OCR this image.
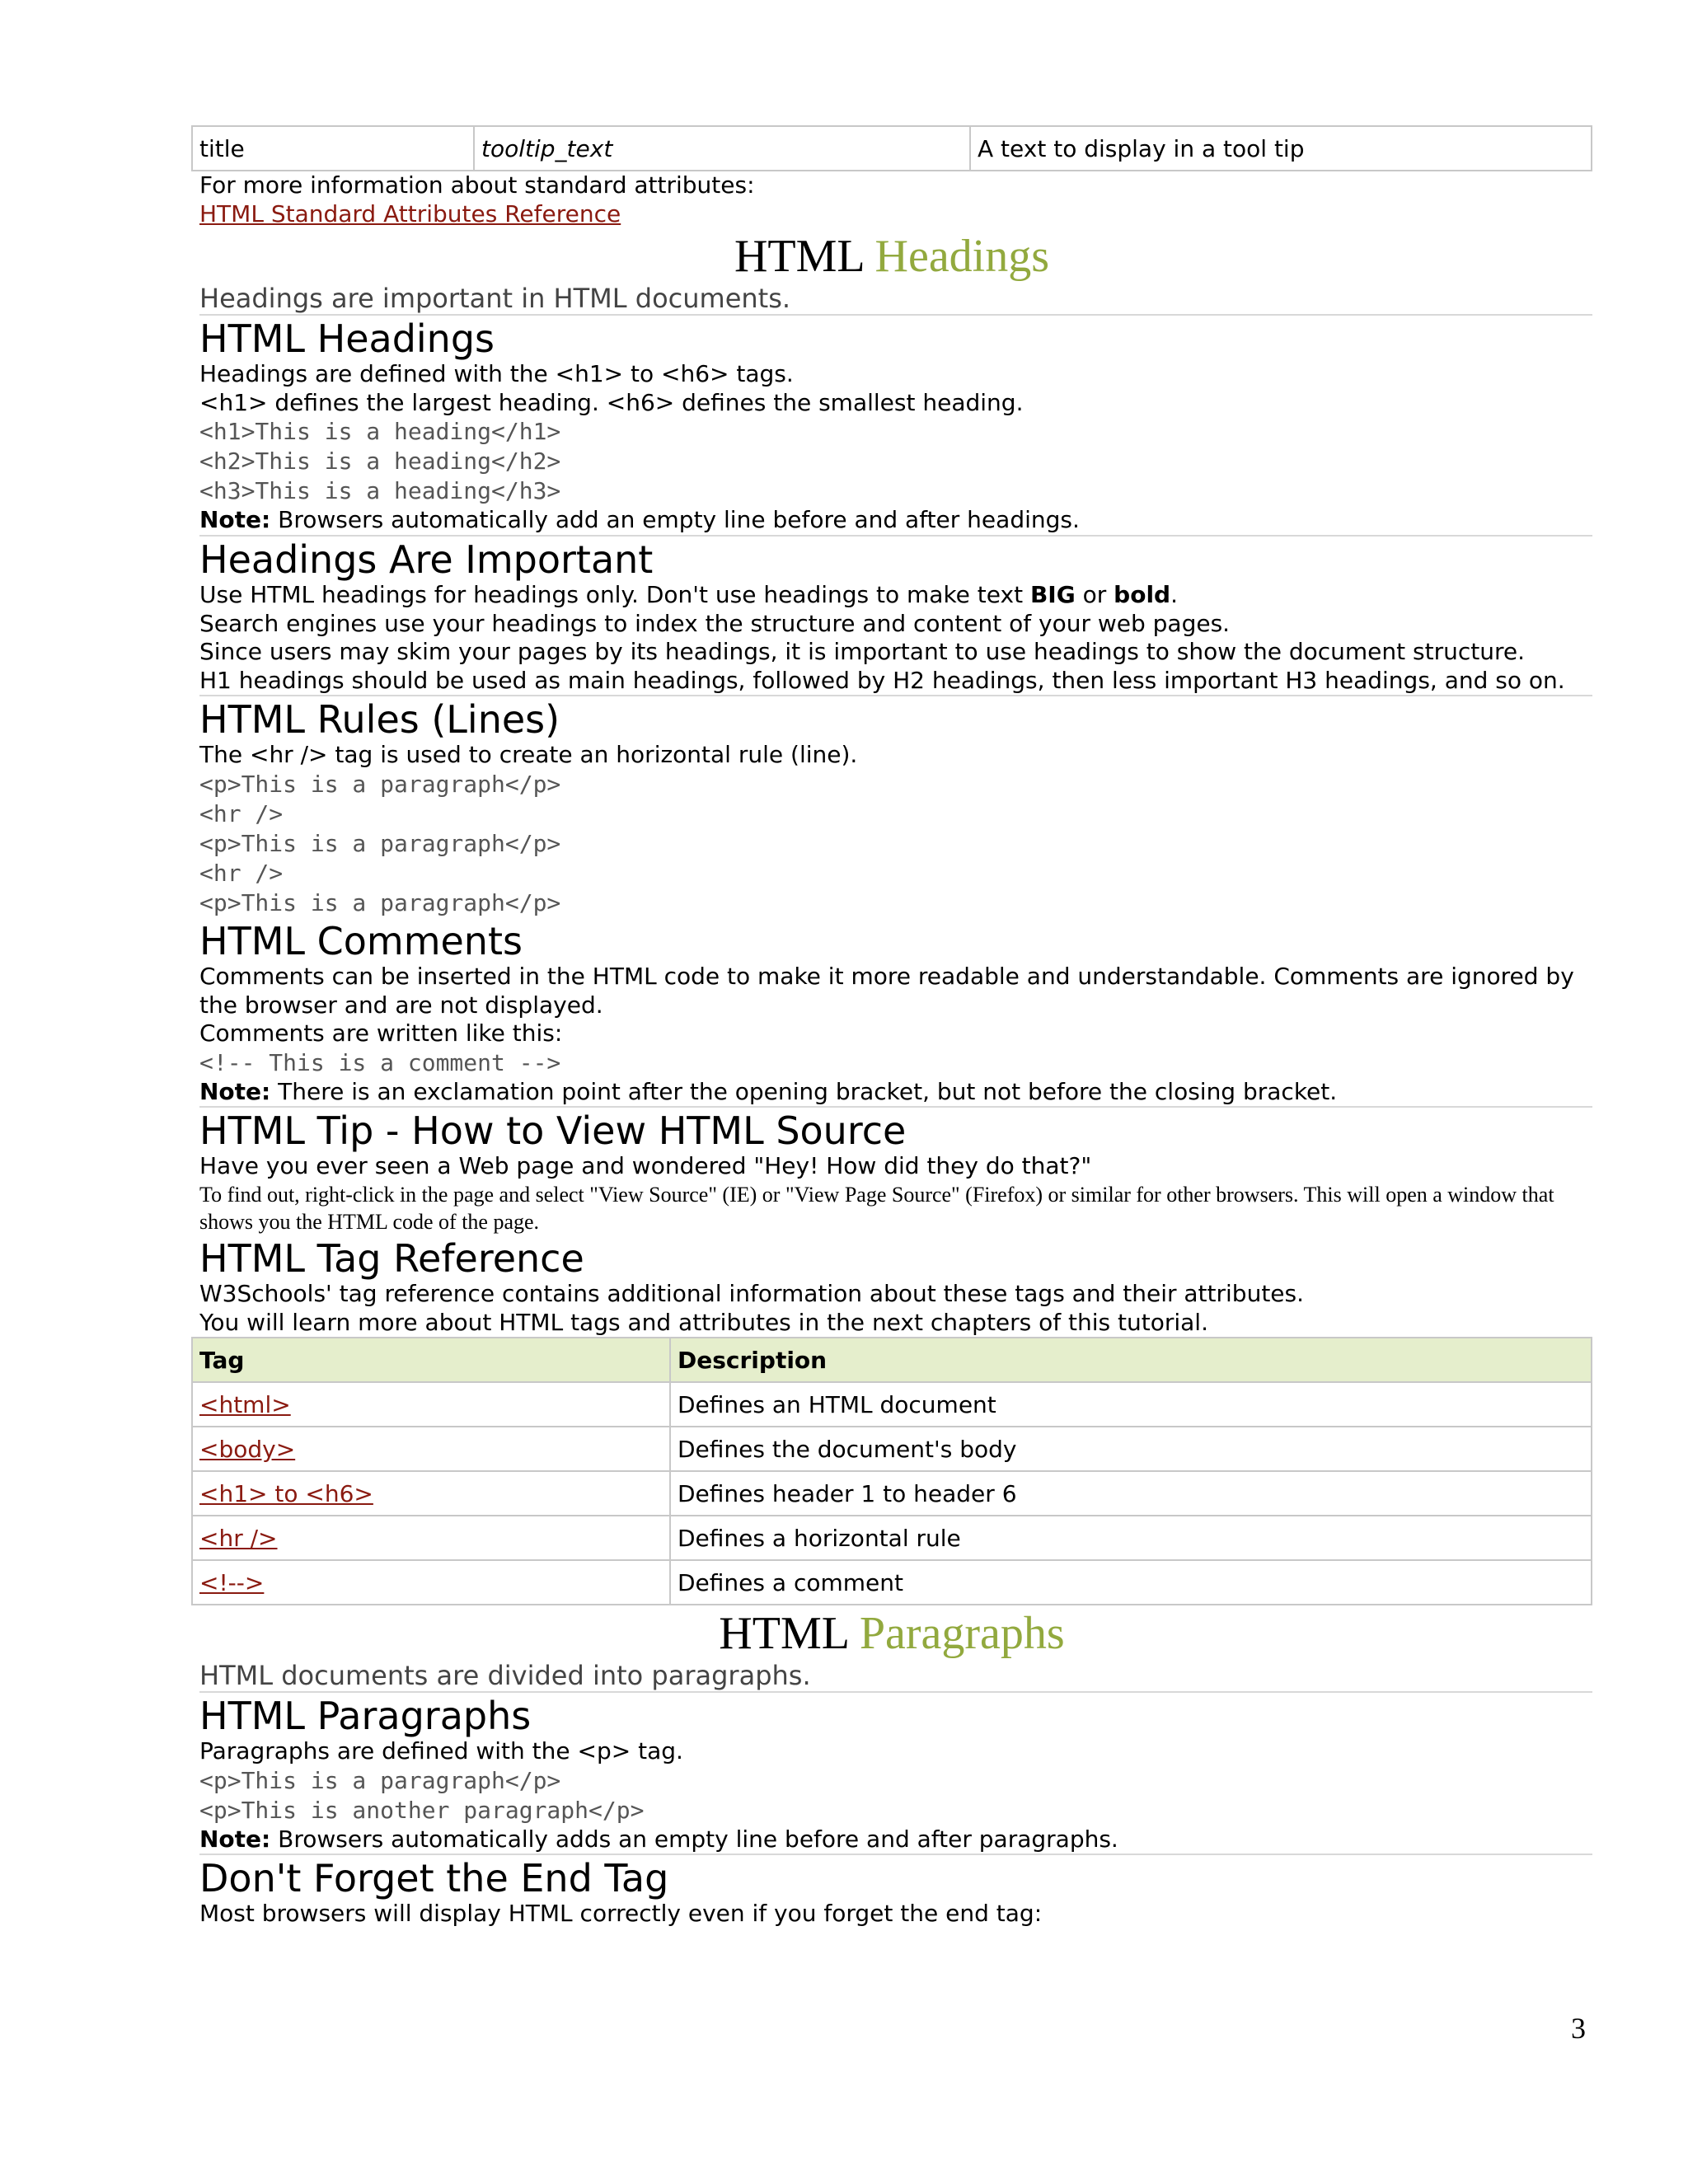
title	tooltip_text	A text to display in a tool tip
For more information about standard attributes:
HTML Standard Attributes Reference
HTML Headings
Headings are important in HTML documents.
HTML Headings
Headings are defined with the <h1> to <h6> tags.
<h1> defines the largest heading. <h6> defines the smallest heading.
<h1>This is a heading</h1>
<h2>This is a heading</h2>
<h3>This is a heading</h3>
Note: Browsers automatically add an empty line before and after headings.
Headings Are Important
Use HTML headings for headings only. Don't use headings to make text BIG or bold.
Search engines use your headings to index the structure and content of your web pages.
Since users may skim your pages by its headings, it is important to use headings to show the document structure.
H1 headings should be used as main headings, followed by H2 headings, then less important H3 headings, and so on.
HTML Rules (Lines)
The <hr /> tag is used to create an horizontal rule (line).
<p>This is a paragraph</p>
<hr />
<p>This is a paragraph</p>
<hr />
<p>This is a paragraph</p>
HTML Comments
Comments can be inserted in the HTML code to make it more readable and understandable. Comments are ignored by the browser and are not displayed.
Comments are written like this:
<!-- This is a comment -->
Note: There is an exclamation point after the opening bracket, but not before the closing bracket.
HTML Tip - How to View HTML Source
Have you ever seen a Web page and wondered "Hey! How did they do that?"
To find out, right-click in the page and select "View Source" (IE) or "View Page Source" (Firefox) or similar for other browsers. This will open a window that shows you the HTML code of the page.
HTML Tag Reference
W3Schools' tag reference contains additional information about these tags and their attributes.
You will learn more about HTML tags and attributes in the next chapters of this tutorial.
Tag	Description
<html>	Defines an HTML document
<body>	Defines the document's body
<h1> to <h6>	Defines header 1 to header 6
<hr />	Defines a horizontal rule
<!-->	Defines a comment
HTML Paragraphs
HTML documents are divided into paragraphs.
HTML Paragraphs
Paragraphs are defined with the <p> tag.
<p>This is a paragraph</p>
<p>This is another paragraph</p>
Note: Browsers automatically adds an empty line before and after paragraphs.
Don't Forget the End Tag
Most browsers will display HTML correctly even if you forget the end tag:
3
